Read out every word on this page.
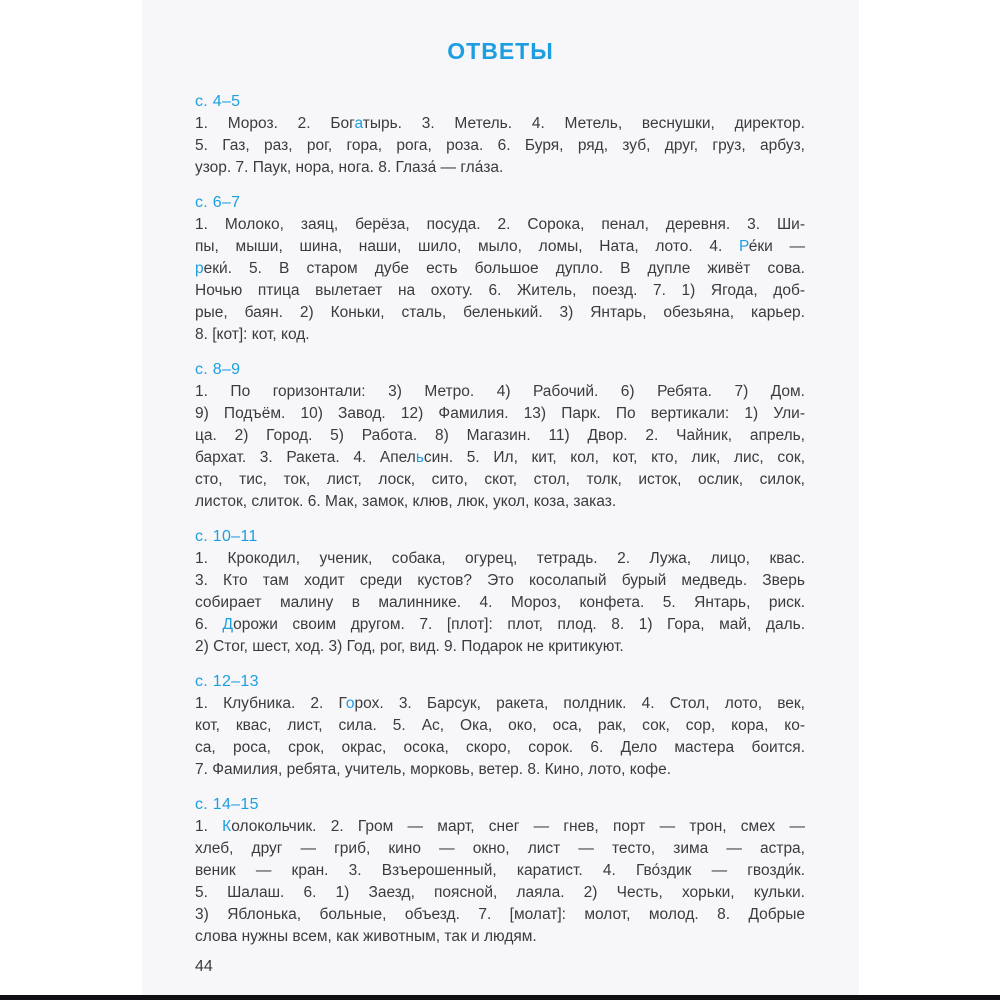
ОТВЕТЫ
с. 4–5
1. Мороз. 2. Богатырь. 3. Метель. 4. Метель, веснушки, директор.
5. Газ, раз, рог, гора, рога, роза. 6. Буря, ряд, зуб, друг, груз, арбуз,
узор. 7. Паук, нора, нога. 8. Глаза́ — гла́за.
с. 6–7
1. Молоко, заяц, берёза, посуда. 2. Сорока, пенал, деревня. 3. Ши-
пы, мыши, шина, наши, шило, мыло, ломы, Ната, лото. 4. Ре́ки —
реки́. 5. В старом дубе есть большое дупло. В дупле живёт сова.
Ночью птица вылетает на охоту. 6. Житель, поезд. 7. 1) Ягода, доб-
рые, баян. 2) Коньки, сталь, беленький. 3) Янтарь, обезьяна, карьер.
8. [кот]: кот, код.
с. 8–9
1. По горизонтали: 3) Метро. 4) Рабочий. 6) Ребята. 7) Дом.
9) Подъём. 10) Завод. 12) Фамилия. 13) Парк. По вертикали: 1) Ули-
ца. 2) Город. 5) Работа. 8) Магазин. 11) Двор. 2. Чайник, апрель,
бархат. 3. Ракета. 4. Апельсин. 5. Ил, кит, кол, кот, кто, лик, лис, сок,
сто, тис, ток, лист, лоск, сито, скот, стол, толк, исток, ослик, силок,
листок, слиток. 6. Мак, замок, клюв, люк, укол, коза, заказ.
с. 10–11
1. Крокодил, ученик, собака, огурец, тетрадь. 2. Лужа, лицо, квас.
3. Кто там ходит среди кустов? Это косолапый бурый медведь. Зверь
собирает малину в малиннике. 4. Мороз, конфета. 5. Янтарь, риск.
6. Дорожи своим другом. 7. [плот]: плот, плод. 8. 1) Гора, май, даль.
2) Стог, шест, ход. 3) Год, рог, вид. 9. Подарок не критикуют.
с. 12–13
1. Клубника. 2. Горох. 3. Барсук, ракета, полдник. 4. Стол, лото, век,
кот, квас, лист, сила. 5. Ас, Ока, око, оса, рак, сок, сор, кора, ко-
са, роса, срок, окрас, осока, скоро, сорок. 6. Дело мастера боится.
7. Фамилия, ребята, учитель, морковь, ветер. 8. Кино, лото, кофе.
с. 14–15
1. Колокольчик. 2. Гром — март, снег — гнев, порт — трон, смех —
хлеб, друг — гриб, кино — окно, лист — тесто, зима — астра,
веник — кран. 3. Взъерошенный, каратист. 4. Гво́здик — гвозди́к.
5. Шалаш. 6. 1) Заезд, поясной, лаяла. 2) Честь, хорьки, кульки.
3) Яблонька, больные, объезд. 7. [молат]: молот, молод. 8. Добрые
слова нужны всем, как животным, так и людям.
44
